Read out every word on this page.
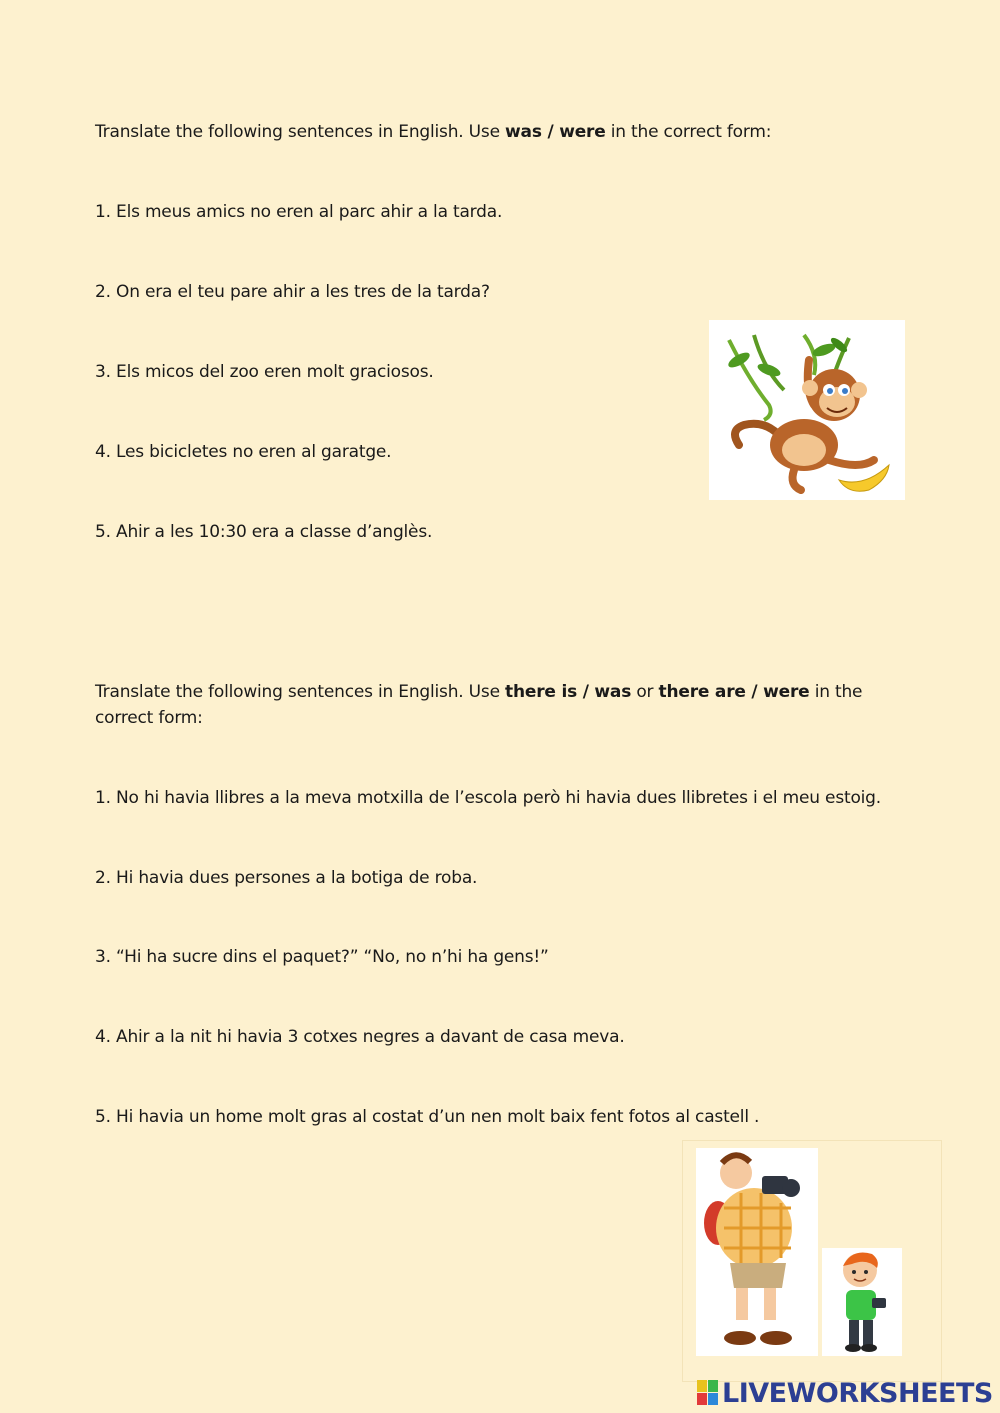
Translate the following sentences in English. Use was / were in the correct form:
1. Els meus amics no eren al parc ahir a la tarda.
2. On era el teu pare ahir a les tres de la tarda?
3. Els micos del zoo eren molt graciosos.
4. Les bicicletes no eren al garatge.
5. Ahir a les 10:30 era a classe d’anglès.
Translate the following sentences in English. Use there is / was or there are / were in the correct form:
1. No hi havia llibres a la meva motxilla de l’escola però hi havia dues llibretes i el meu estoig.
2. Hi havia dues persones a la botiga de roba.
3. “Hi ha sucre dins el paquet?” “No, no n’hi ha gens!”
4. Ahir a la nit hi havia 3 cotxes negres a davant de casa meva.
5. Hi havia un home molt gras al costat d’un nen molt baix fent fotos al castell .
LIVEWORKSHEETS
